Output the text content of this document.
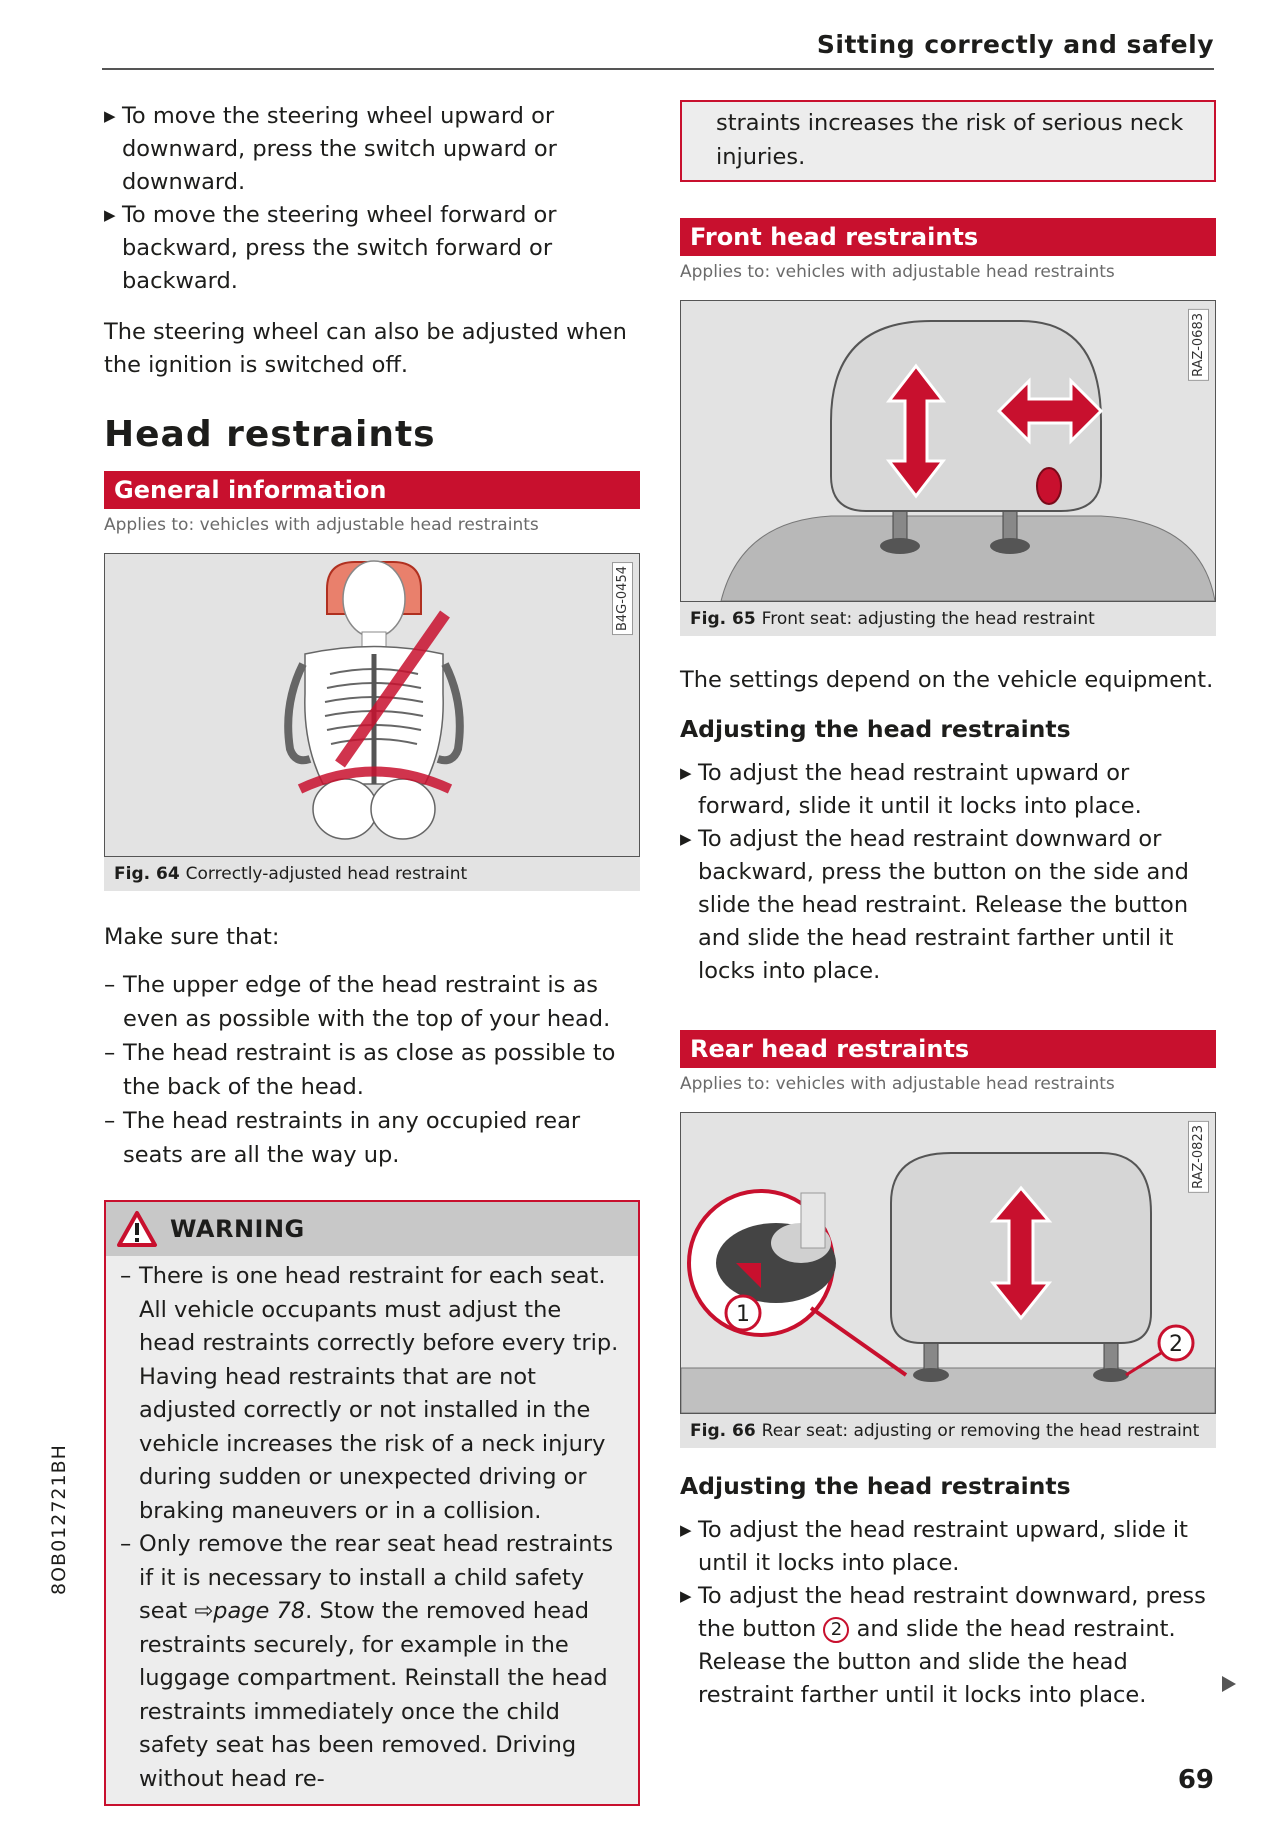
Sitting correctly and safely
▶ To move the steering wheel upward or downward, press the switch upward or downward.
▶ To move the steering wheel forward or backward, press the switch forward or backward.
The steering wheel can also be adjusted when the ignition is switched off.
Head restraints
General information
Applies to: vehicles with adjustable head restraints
B4G-0454
Fig. 64 Correctly-adjusted head restraint
Make sure that:
– The upper edge of the head restraint is as even as possible with the top of your head.
– The head restraint is as close as possible to the back of the head.
– The head restraints in any occupied rear seats are all the way up.
WARNING
– There is one head restraint for each seat. All vehicle occupants must adjust the head restraints correctly before every trip. Having head restraints that are not adjusted correctly or not installed in the vehicle increases the risk of a neck injury during sudden or unexpected driving or braking maneuvers or in a collision.
– Only remove the rear seat head restraints if it is necessary to install a child safety seat ⇨page 78. Stow the removed head restraints securely, for example in the luggage compartment. Reinstall the head restraints immediately once the child safety seat has been removed. Driving without head re-
straints increases the risk of serious neck injuries.
Front head restraints
Applies to: vehicles with adjustable head restraints
RAZ-0683
Fig. 65 Front seat: adjusting the head restraint
The settings depend on the vehicle equipment.
Adjusting the head restraints
▶ To adjust the head restraint upward or forward, slide it until it locks into place.
▶ To adjust the head restraint downward or backward, press the button on the side and slide the head restraint. Release the button and slide the head restraint farther until it locks into place.
Rear head restraints
Applies to: vehicles with adjustable head restraints
1
2
RAZ-0823
Fig. 66 Rear seat: adjusting or removing the head restraint
Adjusting the head restraints
▶ To adjust the head restraint upward, slide it until it locks into place.
▶ To adjust the head restraint downward, press the button 2 and slide the head restraint. Release the button and slide the head restraint farther until it locks into place.
8OB012721BH
69
